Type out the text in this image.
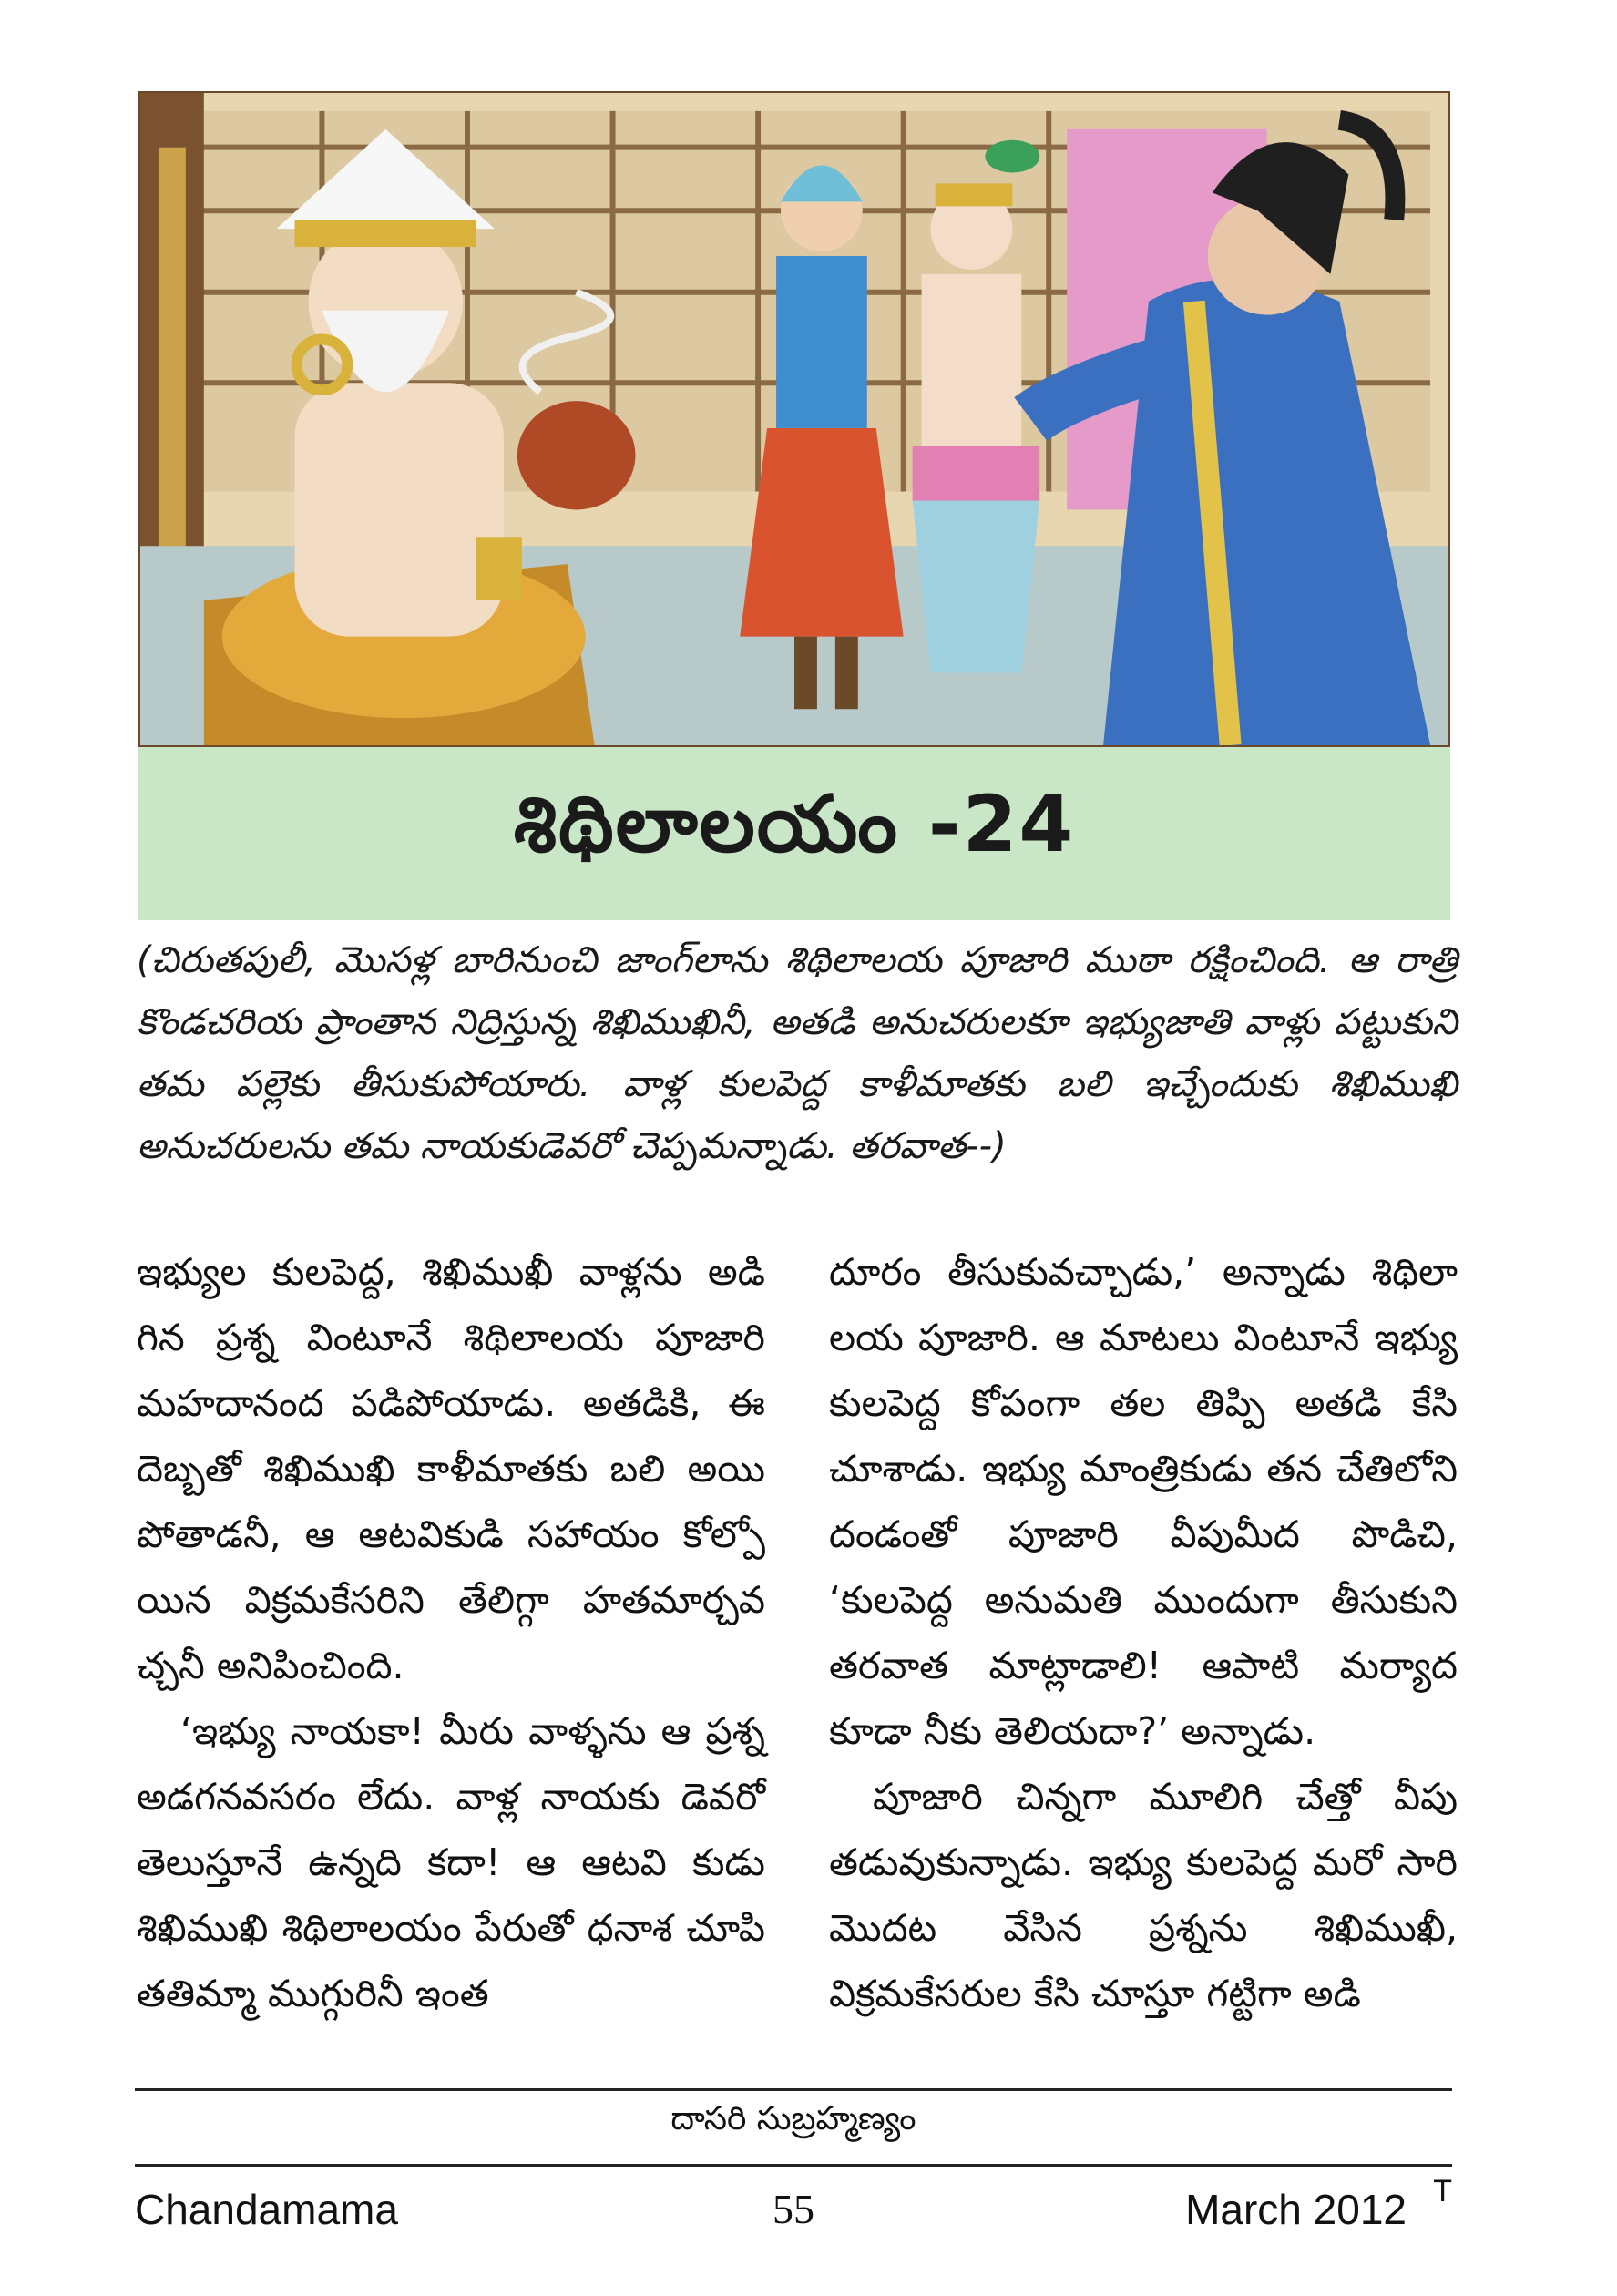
శిథిలాలయం -24
(చిరుతపులీ, మొసళ్ల బారినుంచి జాంగ్‌లాను శిథిలాలయ పూజారి ముఠా రక్షించింది. ఆ రాత్రి కొండచరియ ప్రాంతాన నిద్రిస్తున్న శిఖిముఖినీ, అతడి అనుచరులకూ ఇభ్యుజాతి వాళ్లు పట్టుకుని తమ పల్లెకు తీసుకుపోయారు. వాళ్ల కులపెద్ద కాళీమాతకు బలి ఇచ్చేందుకు శిఖిముఖి అనుచరులను తమ నాయకుడెవరో చెప్పమన్నాడు. తరవాత--)

ఇభ్యుల కులపెద్ద, శిఖిముఖీ వాళ్లను అడి గిన ప్రశ్న వింటూనే శిథిలాలయ పూజారి మహదానంద పడిపోయాడు. అతడికి, ఈ దెబ్బతో శిఖిముఖి కాళీమాతకు బలి అయి పోతాడనీ, ఆ ఆటవికుడి సహాయం కోల్పో యిన విక్రమకేసరిని తేలిగ్గా హతమార్చవ చ్చనీ అనిపించింది.

‘ఇభ్యు నాయకా! మీరు వాళ్ళను ఆ ప్రశ్న అడగనవసరం లేదు. వాళ్ల నాయకు డెవరో తెలుస్తూనే ఉన్నది కదా! ఆ ఆటవి కుడు శిఖిముఖి శిథిలాలయం పేరుతో ధనాశ చూపి తతిమ్మా ముగ్గురినీ ఇంత

దూరం తీసుకువచ్చాడు,’ అన్నాడు శిథిలా లయ పూజారి. ఆ మాటలు వింటూనే ఇభ్యు కులపెద్ద కోపంగా తల తిప్పి అతడి కేసి చూశాడు. ఇభ్యు మాంత్రికుడు తన చేతిలోని దండంతో పూజారి వీపుమీద పొడిచి, ‘కులపెద్ద అనుమతి ముందుగా తీసుకుని తరవాత మాట్లాడాలి! ఆపాటి మర్యాద కూడా నీకు తెలియదా?’ అన్నాడు.

పూజారి చిన్నగా మూలిగి చేత్తో వీపు తడువుకున్నాడు. ఇభ్యు కులపెద్ద మరో సారి మొదట వేసిన ప్రశ్నను శిఖిముఖీ, విక్రమకేసరుల కేసి చూస్తూ గట్టిగా అడి

దాసరి సుబ్రహ్మణ్యం
Chandamama	55	March 2012 T
